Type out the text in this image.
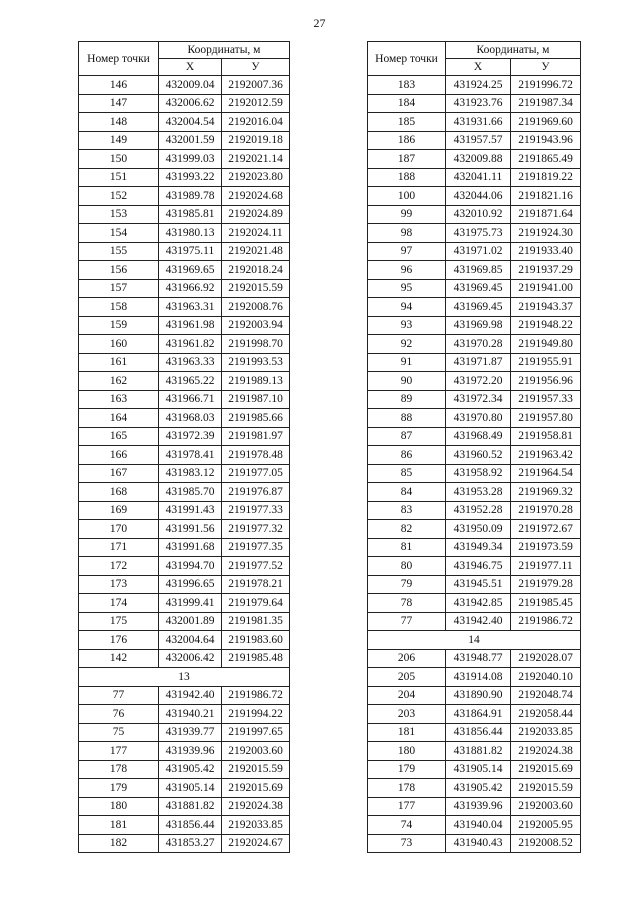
27
Номер точки	Координаты, м	
	X	У
146	432009.04	2192007.36
147	432006.62	2192012.59
148	432004.54	2192016.04
149	432001.59	2192019.18
150	431999.03	2192021.14
151	431993.22	2192023.80
152	431989.78	2192024.68
153	431985.81	2192024.89
154	431980.13	2192024.11
155	431975.11	2192021.48
156	431969.65	2192018.24
157	431966.92	2192015.59
158	431963.31	2192008.76
159	431961.98	2192003.94
160	431961.82	2191998.70
161	431963.33	2191993.53
162	431965.22	2191989.13
163	431966.71	2191987.10
164	431968.03	2191985.66
165	431972.39	2191981.97
166	431978.41	2191978.48
167	431983.12	2191977.05
168	431985.70	2191976.87
169	431991.43	2191977.33
170	431991.56	2191977.32
171	431991.68	2191977.35
172	431994.70	2191977.52
173	431996.65	2191978.21
174	431999.41	2191979.64
175	432001.89	2191981.35
176	432004.64	2191983.60
142	432006.42	2191985.48
13		
77	431942.40	2191986.72
76	431940.21	2191994.22
75	431939.77	2191997.65
177	431939.96	2192003.60
178	431905.42	2192015.59
179	431905.14	2192015.69
180	431881.82	2192024.38
181	431856.44	2192033.85
182	431853.27	2192024.67
Номер точки	Координаты, м	
	X	У
183	431924.25	2191996.72
184	431923.76	2191987.34
185	431931.66	2191969.60
186	431957.57	2191943.96
187	432009.88	2191865.49
188	432041.11	2191819.22
100	432044.06	2191821.16
99	432010.92	2191871.64
98	431975.73	2191924.30
97	431971.02	2191933.40
96	431969.85	2191937.29
95	431969.45	2191941.00
94	431969.45	2191943.37
93	431969.98	2191948.22
92	431970.28	2191949.80
91	431971.87	2191955.91
90	431972.20	2191956.96
89	431972.34	2191957.33
88	431970.80	2191957.80
87	431968.49	2191958.81
86	431960.52	2191963.42
85	431958.92	2191964.54
84	431953.28	2191969.32
83	431952.28	2191970.28
82	431950.09	2191972.67
81	431949.34	2191973.59
80	431946.75	2191977.11
79	431945.51	2191979.28
78	431942.85	2191985.45
77	431942.40	2191986.72
14		
206	431948.77	2192028.07
205	431914.08	2192040.10
204	431890.90	2192048.74
203	431864.91	2192058.44
181	431856.44	2192033.85
180	431881.82	2192024.38
179	431905.14	2192015.69
178	431905.42	2192015.59
177	431939.96	2192003.60
74	431940.04	2192005.95
73	431940.43	2192008.52
